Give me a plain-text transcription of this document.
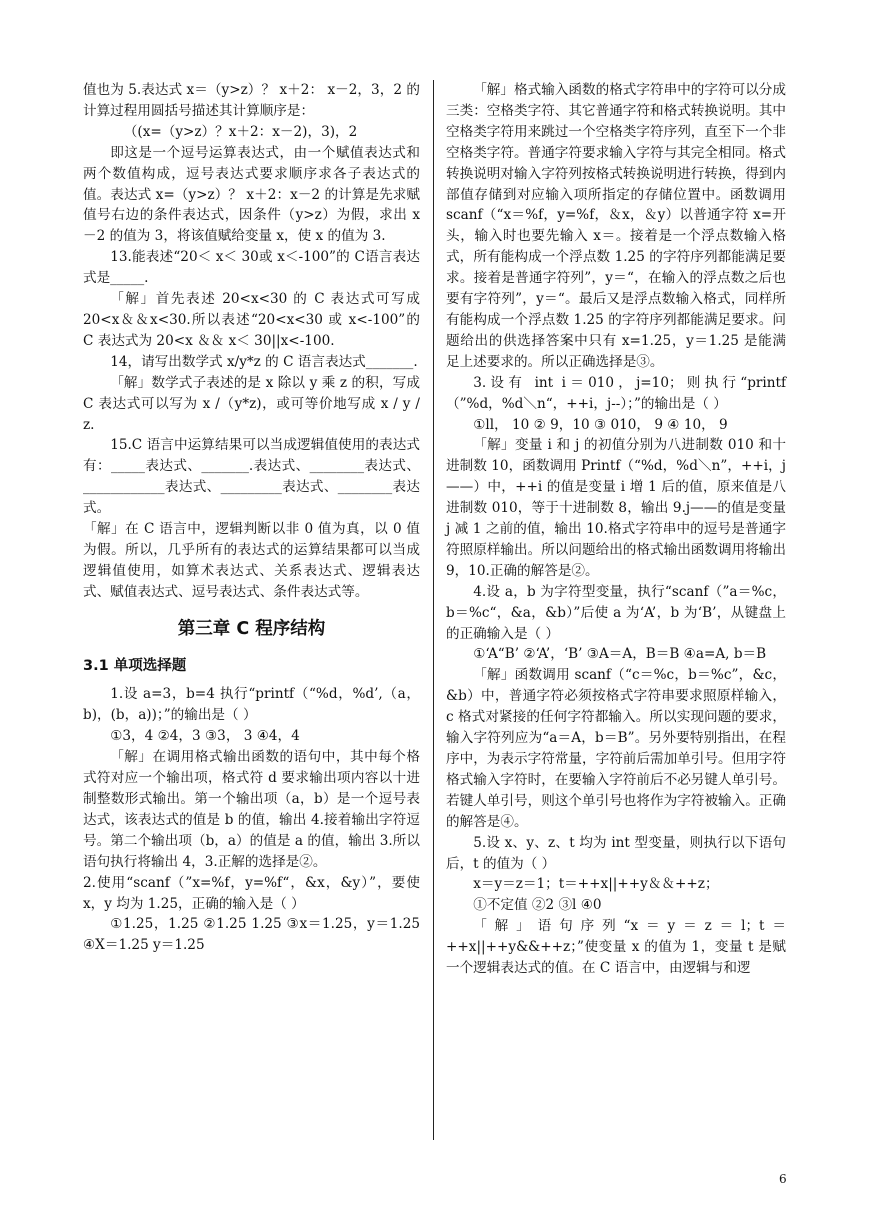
值也为 5.表达式 x＝（y>z）？ x＋2： x－2，3，2 的计算过程用圆括号描述其计算顺序是：

（(x=（y>z）？x＋2：x－2)，3)，2

即这是一个逗号运算表达式，由一个赋值表达式和两个数值构成，逗号表达式要求顺序求各子表达式的值。表达式 x=（y>z）？ x＋2：x－2 的计算是先求赋值号右边的条件表达式，因条件（y>z）为假，求出 x－2 的值为 3，将该值赋给变量 x，使 x 的值为 3.

13.能表述“20＜ x＜ 30或 x＜-100”的 C语言表达式是_____.

「解」首先表述 20<x<30 的 C 表达式可写成 20<x＆＆x<30.所以表述“20<x<30 或 x<-100”的 C 表达式为 20<x ＆＆ x＜ 30||x<-100.

14，请写出数学式 x/y*z 的 C 语言表达式_______.

「解」数学式子表述的是 x 除以 y 乘 z 的积，写成 C 表达式可以写为 x /（y*z)，或可等价地写成 x / y / z.

15.C 语言中运算结果可以当成逻辑值使用的表达式有：_____表达式、_______.表达式、________表达式、____________表达式、_________表达式、________表达式。

「解」在 C 语言中，逻辑判断以非 0 值为真，以 0 值为假。所以，几乎所有的表达式的运算结果都可以当成逻辑值使用，如算术表达式、关系表达式、逻辑表达式、赋值表达式、逗号表达式、条件表达式等。

第三章 C 程序结构

3.1 单项选择题

1.设 a=3，b=4 执行“printf（“%d，%d’,（a，b)，(b，a))；”的输出是（ ）

①3，4 ②4，3 ③3， 3 ④4，4

「解」在调用格式输出函数的语句中，其中每个格式符对应一个输出项，格式符 d 要求输出项内容以十进制整数形式输出。第一个输出项（a，b）是一个逗号表达式，该表达式的值是 b 的值，输出 4.接着输出字符逗号。第二个输出项（b，a）的值是 a 的值，输出 3.所以语句执行将输出 4，3.正解的选择是②。

2.使用“scanf（”x=%f，y=%f“，&x，&y）”，要使 x，y 均为 1.25，正确的输入是（ ）

①1.25，1.25 ②1.25 1.25 ③x＝1.25，y＝1.25 ④X＝1.25 y＝1.25

「解」格式输入函数的格式字符串中的字符可以分成三类：空格类字符、其它普通字符和格式转换说明。其中空格类字符用来跳过一个空格类字符序列，直至下一个非空格类字符。普通字符要求输入字符与其完全相同。格式转换说明对输入字符列按格式转换说明进行转换，得到内部值存储到对应输入项所指定的存储位置中。函数调用 scanf（“x＝%f，y=%f，＆x，＆y）以普通字符 x=开头，输入时也要先输入 x＝。接着是一个浮点数输入格式，所有能构成一个浮点数 1.25 的字符序列都能满足要求。接着是普通字符列”，y＝“，在输入的浮点数之后也要有字符列”，y＝“。最后又是浮点数输入格式，同样所有能构成一个浮点数 1.25 的字符序列都能满足要求。问题给出的供选择答案中只有 x=1.25，y＝1.25 是能满足上述要求的。所以正确选择是③。

3.设有 int i＝010，j=10；则执行“printf（”%d，%d＼n“，++i，j--）；”的输出是（ ）

①ll， 10 ② 9，10 ③ 010， 9 ④ 10， 9

「解」变量 i 和 j 的初值分别为八进制数 010 和十进制数 10，函数调用 Printf（“%d，%d＼n”，++i，j——）中，++i 的值是变量 i 增 1 后的值，原来值是八进制数 010，等于十进制数 8，输出 9.j——的值是变量 j 减 1 之前的值，输出 10.格式字符串中的逗号是普通字符照原样输出。所以问题给出的格式输出函数调用将输出 9，10.正确的解答是②。

4.设 a，b 为字符型变量，执行“scanf（”a＝%c，b＝%c“，&a，&b）”后使 a 为‘A’，b 为‘B’，从键盘上的正确输入是（ ）

①‘A“B’ ②‘A’，‘B’ ③A＝A，B＝B ④a=A, b＝B

「解」函数调用 scanf（“c＝%c，b＝%c”，&c，&b）中，普通字符必须按格式字符串要求照原样输入，c 格式对紧接的任何字符都输入。所以实现问题的要求，输入字符列应为“a＝A，b＝B”。另外要特别指出，在程序中，为表示字符常量，字符前后需加单引号。但用字符格式输入字符时，在要输入字符前后不必另键人单引号。若键人单引号，则这个单引号也将作为字符被输入。正确的解答是④。

5.设 x、y、z、t 均为 int 型变量，则执行以下语句后，t 的值为（ ）

x＝y＝z＝1；t＝++x||++y＆＆++z；

①不定值 ②2 ③l ④0

「解」语句序列“x＝y＝z＝l；t＝++x||++y&&++z；”使变量 x 的值为 1，变量 t 是赋一个逻辑表达式的值。在 C 语言中，由逻辑与和逻

6
